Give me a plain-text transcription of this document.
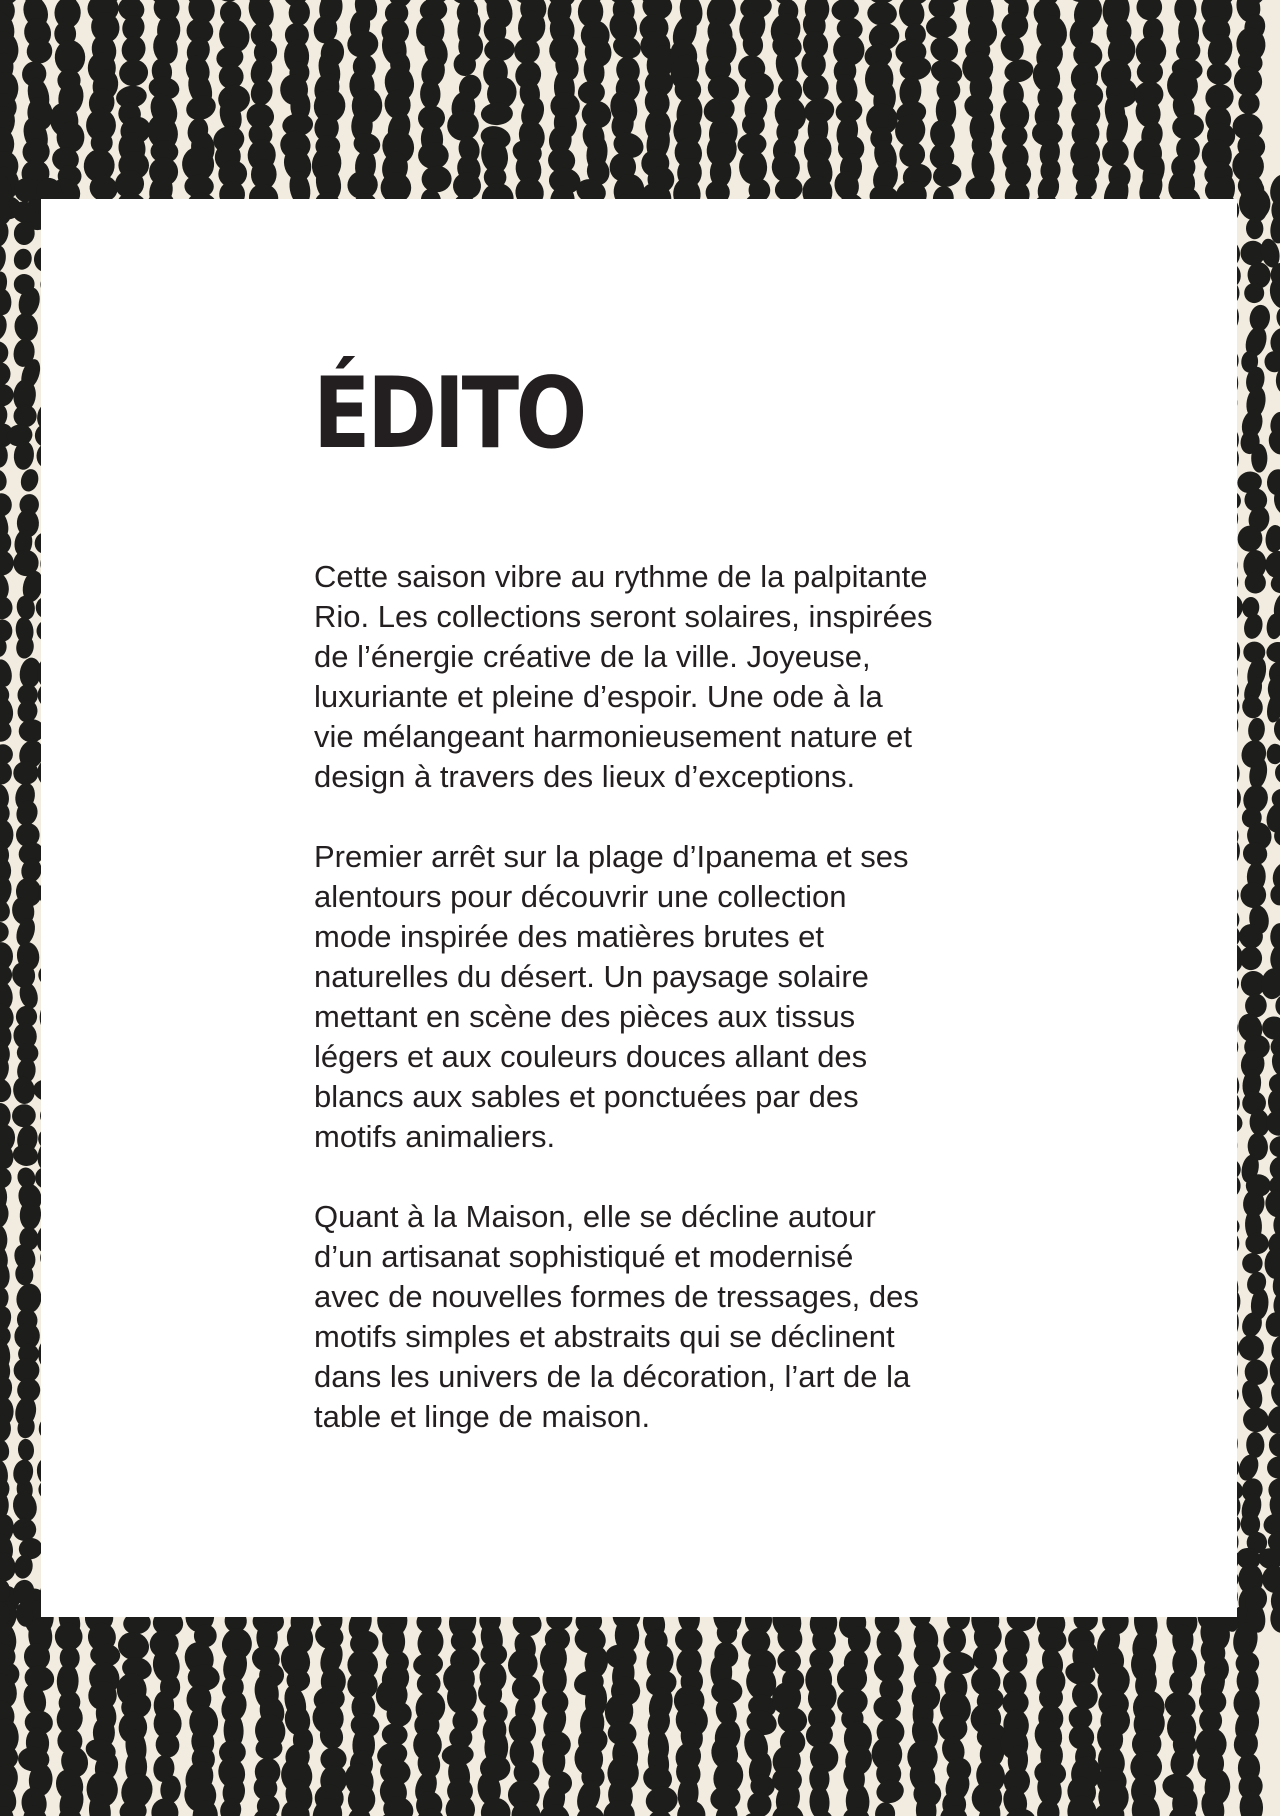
ÉDITO

Cette saison vibre au rythme de la palpitante
Rio. Les collections seront solaires, inspirées
de l’énergie créative de la ville. Joyeuse,
luxuriante et pleine d’espoir. Une ode à la
vie mélangeant harmonieusement nature et
design à travers des lieux d’exceptions.

Premier arrêt sur la plage d’Ipanema et ses
alentours pour découvrir une collection
mode inspirée des matières brutes et
naturelles du désert. Un paysage solaire
mettant en scène des pièces aux tissus
légers et aux couleurs douces allant des
blancs aux sables et ponctuées par des
motifs animaliers.

Quant à la Maison, elle se décline autour
d’un artisanat sophistiqué et modernisé
avec de nouvelles formes de tressages, des
motifs simples et abstraits qui se déclinent
dans les univers de la décoration, l’art de la
table et linge de maison.
